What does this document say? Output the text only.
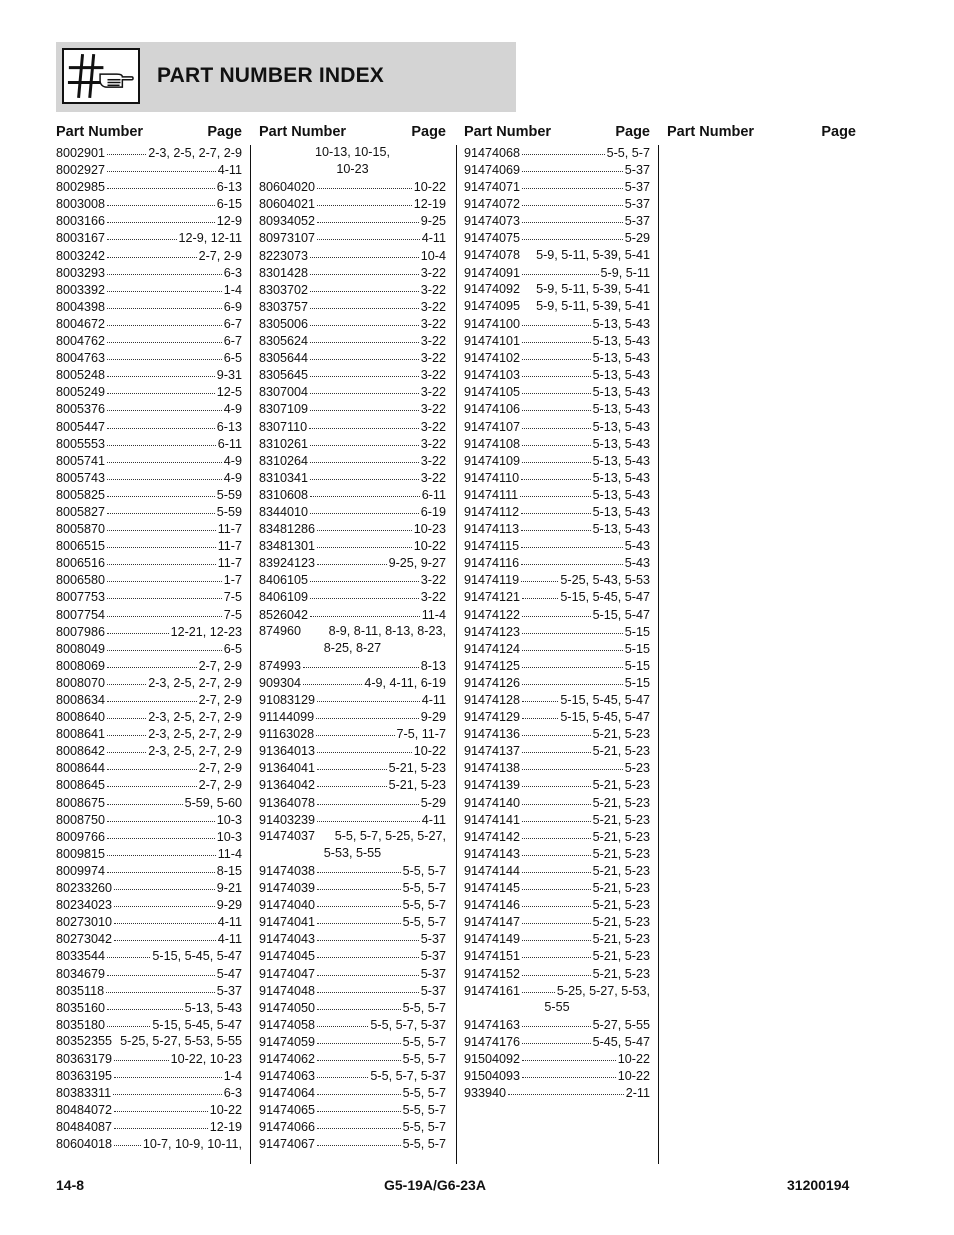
PART NUMBER INDEX
Part Number	Page
8002901	2-3, 2-5, 2-7, 2-9
8002927	4-11
8002985	6-13
8003008	6-15
8003166	12-9
8003167	12-9, 12-11
8003242	2-7, 2-9
8003293	6-3
8003392	1-4
8004398	6-9
8004672	6-7
8004762	6-7
8004763	6-5
8005248	9-31
8005249	12-5
8005376	4-9
8005447	6-13
8005553	6-11
8005741	4-9
8005743	4-9
8005825	5-59
8005827	5-59
8005870	11-7
8006515	11-7
8006516	11-7
8006580	1-7
8007753	7-5
8007754	7-5
8007986	12-21, 12-23
8008049	6-5
8008069	2-7, 2-9
8008070	2-3, 2-5, 2-7, 2-9
8008634	2-7, 2-9
8008640	2-3, 2-5, 2-7, 2-9
8008641	2-3, 2-5, 2-7, 2-9
8008642	2-3, 2-5, 2-7, 2-9
8008644	2-7, 2-9
8008645	2-7, 2-9
8008675	5-59, 5-60
8008750	10-3
8009766	10-3
8009815	11-4
8009974	8-15
80233260	9-21
80234023	9-29
80273010	4-11
80273042	4-11
8033544	5-15, 5-45, 5-47
8034679	5-47
8035118	5-37
8035160	5-13, 5-43
8035180	5-15, 5-45, 5-47
80352355 5-25, 5-27, 5-53, 5-55
80363179	10-22, 10-23
80363195	1-4
80383311	6-3
80484072	10-22
80484087	12-19
80604018 10-7, 10-9, 10-11,
Part Number	Page
10-13, 10-15,
10-23
80604020	10-22
80604021	12-19
80934052	9-25
80973107	4-11
8223073	10-4
8301428	3-22
8303702	3-22
8303757	3-22
8305006	3-22
8305624	3-22
8305644	3-22
8305645	3-22
8307004	3-22
8307109	3-22
8307110	3-22
8310261	3-22
8310264	3-22
8310341	3-22
8310608	6-11
8344010	6-19
83481286	10-23
83481301	10-22
83924123	9-25, 9-27
8406105	3-22
8406109	3-22
8526042	11-4
874960	8-9, 8-11, 8-13, 8-23,
8-25, 8-27
874993	8-13
909304	4-9, 4-11, 6-19
91083129	4-11
91144099	9-29
91163028	7-5, 11-7
91364013	10-22
91364041	5-21, 5-23
91364042	5-21, 5-23
91364078	5-29
91403239	4-11
91474037	5-5, 5-7, 5-25, 5-27,
5-53, 5-55
91474038	5-5, 5-7
91474039	5-5, 5-7
91474040	5-5, 5-7
91474041	5-5, 5-7
91474043	5-37
91474045	5-37
91474047	5-37
91474048	5-37
91474050	5-5, 5-7
91474058	5-5, 5-7, 5-37
91474059	5-5, 5-7
91474062	5-5, 5-7
91474063	5-5, 5-7, 5-37
91474064	5-5, 5-7
91474065	5-5, 5-7
91474066	5-5, 5-7
91474067	5-5, 5-7
Part Number	Page
91474068	5-5, 5-7
91474069	5-37
91474071	5-37
91474072	5-37
91474073	5-37
91474075	5-29
91474078	5-9, 5-11, 5-39, 5-41
91474091	5-9, 5-11
91474092	5-9, 5-11, 5-39, 5-41
91474095	5-9, 5-11, 5-39, 5-41
91474100	5-13, 5-43
91474101	5-13, 5-43
91474102	5-13, 5-43
91474103	5-13, 5-43
91474105	5-13, 5-43
91474106	5-13, 5-43
91474107	5-13, 5-43
91474108	5-13, 5-43
91474109	5-13, 5-43
91474110	5-13, 5-43
91474111	5-13, 5-43
91474112	5-13, 5-43
91474113	5-13, 5-43
91474115	5-43
91474116	5-43
91474119	5-25, 5-43, 5-53
91474121	5-15, 5-45, 5-47
91474122	5-15, 5-47
91474123	5-15
91474124	5-15
91474125	5-15
91474126	5-15
91474128	5-15, 5-45, 5-47
91474129	5-15, 5-45, 5-47
91474136	5-21, 5-23
91474137	5-21, 5-23
91474138	5-23
91474139	5-21, 5-23
91474140	5-21, 5-23
91474141	5-21, 5-23
91474142	5-21, 5-23
91474143	5-21, 5-23
91474144	5-21, 5-23
91474145	5-21, 5-23
91474146	5-21, 5-23
91474147	5-21, 5-23
91474149	5-21, 5-23
91474151	5-21, 5-23
91474152	5-21, 5-23
91474161	5-25, 5-27, 5-53,
5-55
91474163	5-27, 5-55
91474176	5-45, 5-47
91504092	10-22
91504093	10-22
933940	2-11
Part Number	Page
14-8	G5-19A/G6-23A	31200194
